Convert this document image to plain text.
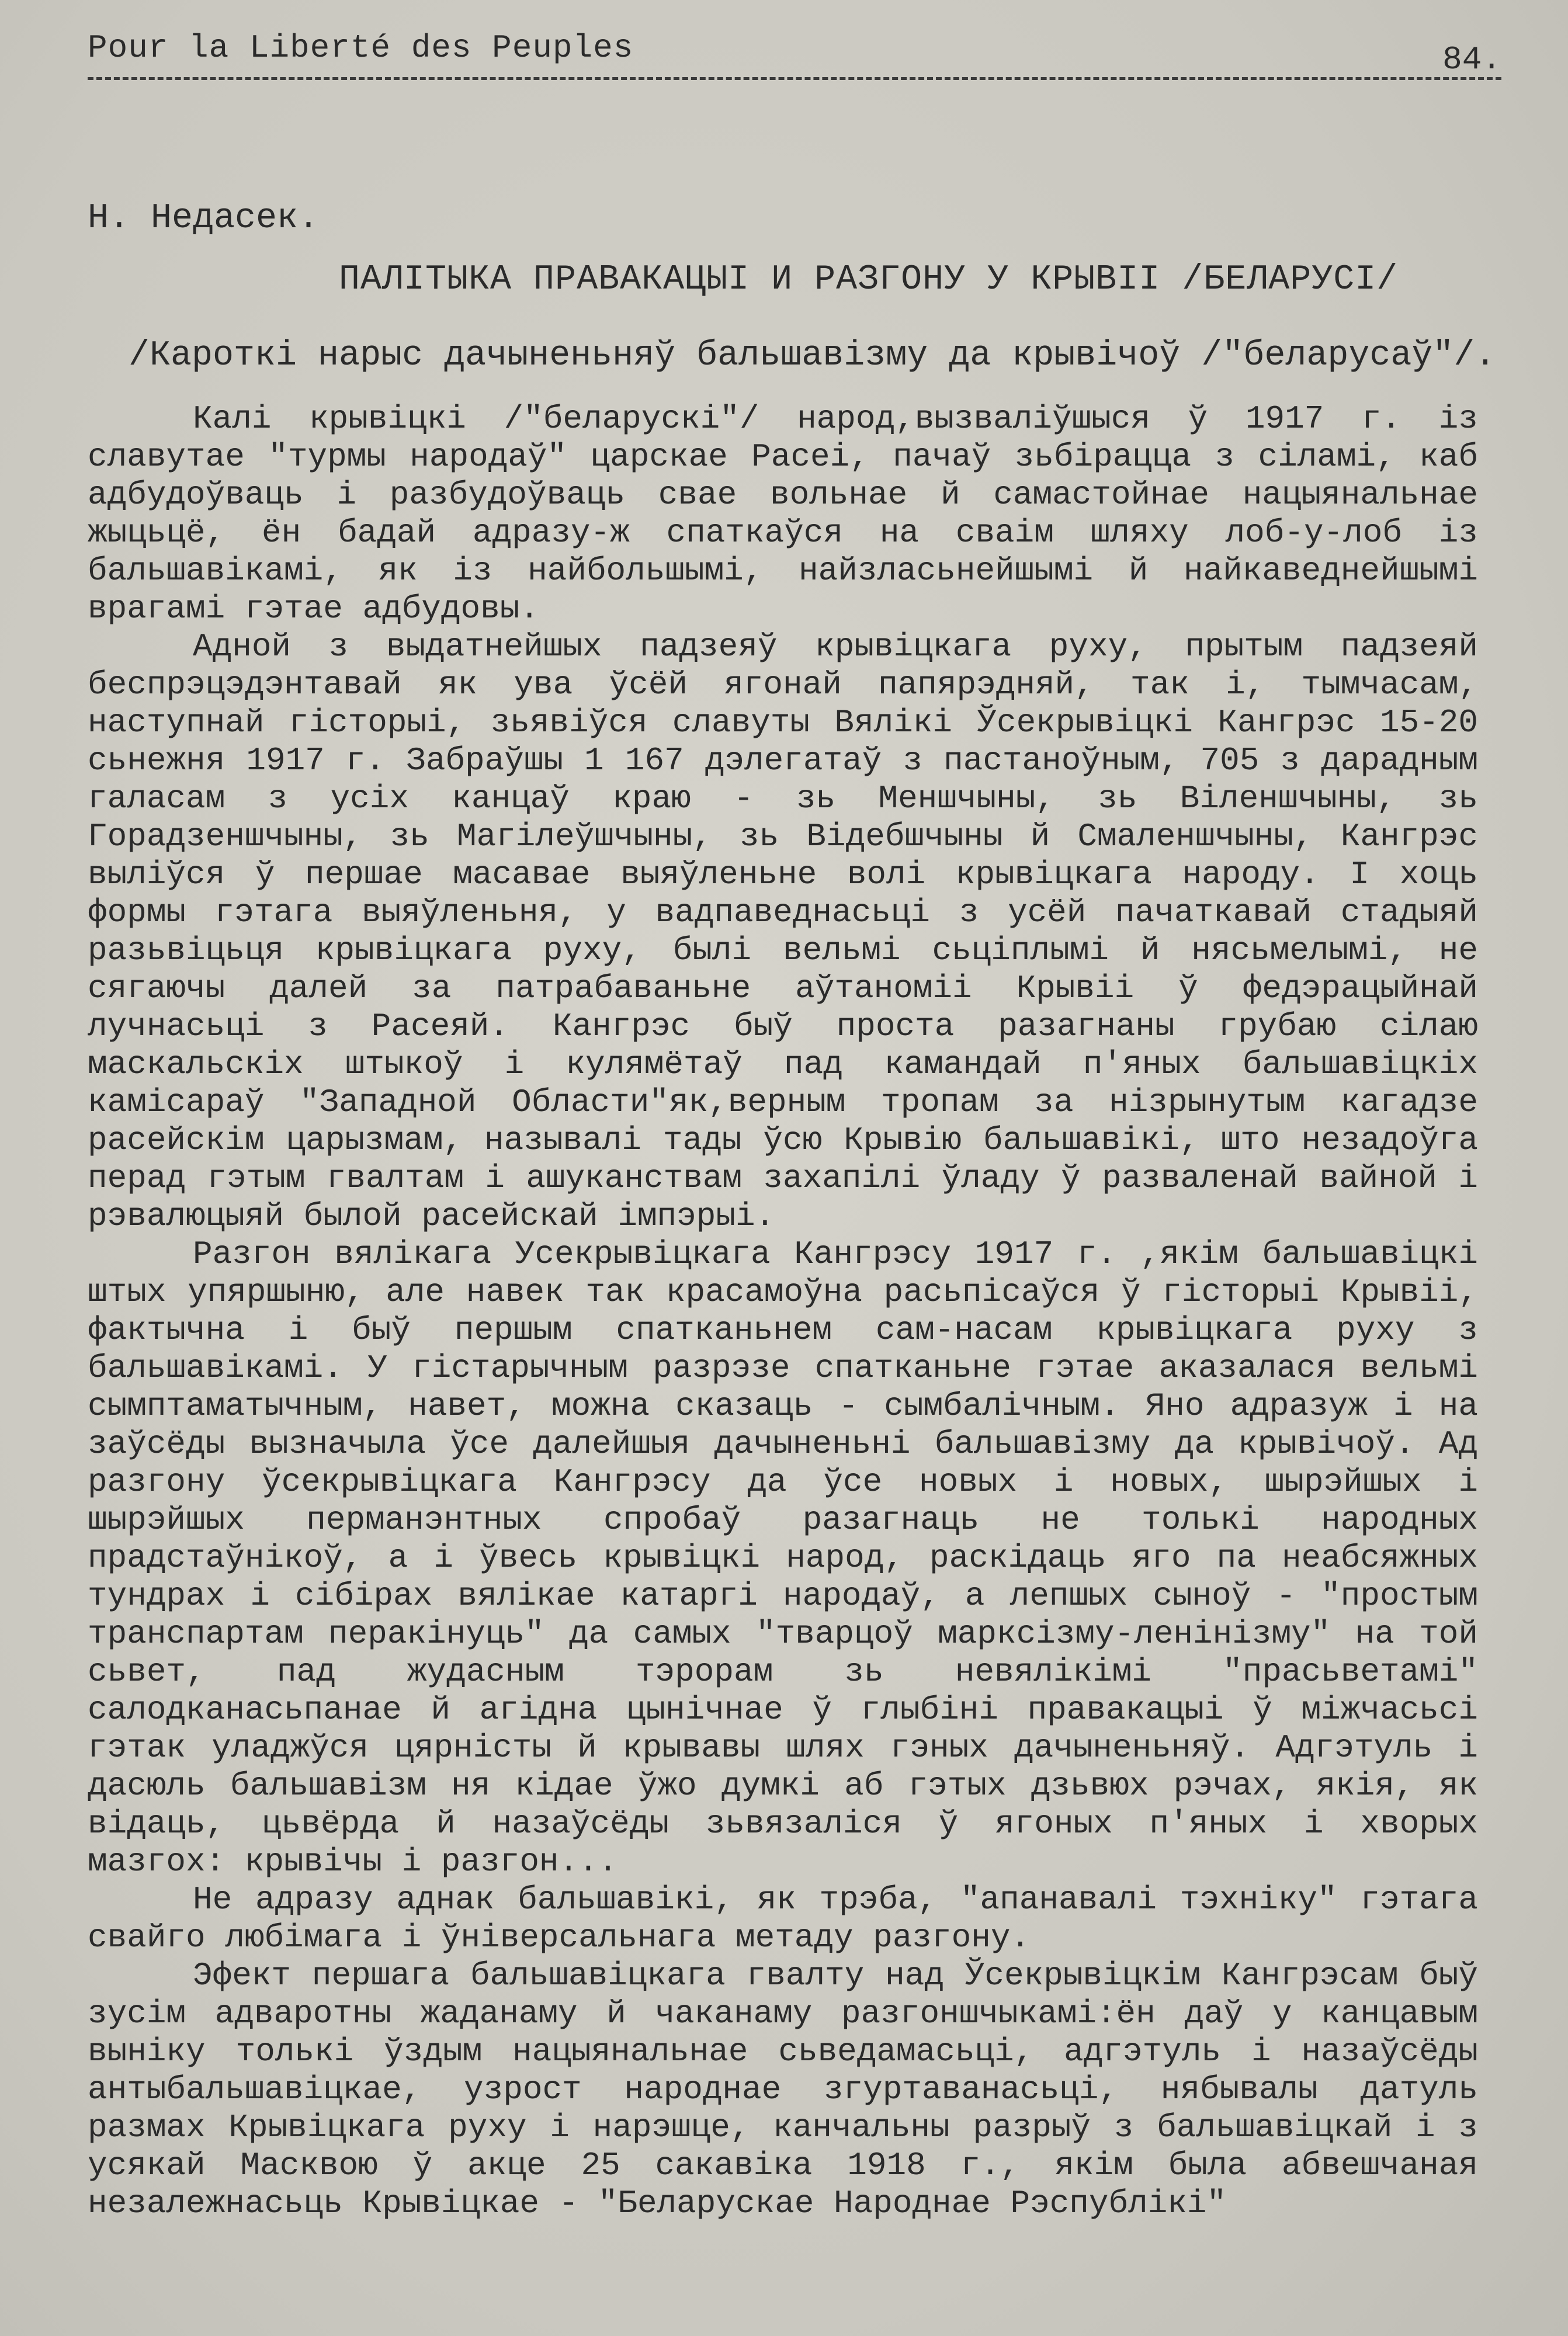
Pour la Liberté des Peuples	84.
Н. Недасек.
ПАЛІТЫКА ПРАВАКАЦЫІ И РАЗГОНУ У КРЫВІІ /БЕЛАРУСІ/
/Кароткі нарыс дачыненьняў бальшавізму да крывічоў /"беларусаў"/.

Калі крывіцкі /"беларускі"/ народ,вызваліўшыся ў 1917 г. із славутае "турмы народаў" царскае Расеі, пачаў зьбірацца з сіламі, каб адбудоўваць і разбудоўваць свае вольнае й самастойнае нацыянальнае жыцьцё, ён бадай адразу-ж спаткаўся на сваім шляху лоб-у-лоб із бальшавікамі, як із найбольшымі, найзласьнейшымі й найкаведнейшымі врагамі гэтае адбудовы.

Адной з выдатнейшых падзеяў крывіцкага руху, прытым падзеяй беспрэцэдэнтавай як ува ўсёй ягонай папярэдняй, так і, тымчасам, наступнай гісторыі, зьявіўся славуты Вялікі Ўсекрывіцкі Кангрэс 15-20 сьнежня 1917 г. Забраўшы 1 167 дэлегатаў з пастаноўным, 705 з дарадным галасам з усіх канцаў краю - зь Меншчыны, зь Віленшчыны, зь Горадзеншчыны, зь Магілеўшчыны, зь Відебшчыны й Смаленшчыны, Кангрэс выліўся ў першае масавае выяўленьне волі крывіцкага народу. І хоць формы гэтага выяўленьня, у вадпаведнасьці з усёй пачаткавай стадыяй разьвіцьця крывіцкага руху, былі вельмі сьціплымі й нясьмелымі, не сягаючы далей за патрабаваньне аўтаноміі Крывіі ў федэрацыйнай лучнасьці з Расеяй. Кангрэс быў проста разагнаны грубаю сілаю маскальскіх штыкоў і кулямётаў пад камандай п'яных бальшавіцкіх камісараў "Западной Области"як,верным тропам за нізрынутым кагадзе расейскім царызмам, называлі тады ўсю Крывію бальшавікі, што незадоўга перад гэтым гвалтам і ашуканствам захапілі ўладу ў разваленай вайной і рэвалюцыяй былой расейскай імпэрыі.

Разгон вялікага Усекрывіцкага Кангрэсу 1917 г. ,якім бальшавіцкі штых упяршыню, але навек так красамоўна расьпісаўся ў гісторыі Крывіі, фактычна і быў першым спатканьнем сам-насам крывіцкага руху з бальшавікамі. У гістарычным разрэзе спатканьне гэтае аказалася вельмі сымптаматычным, навет, можна сказаць - сымбалічным. Яно адразуж і на заўсёды вызначыла ўсе далейшыя дачыненьні бальшавізму да крывічоў. Ад разгону ўсекрывіцкага Кангрэсу да ўсе новых і новых, шырэйшых і шырэйшых перманэнтных спробаў разагнаць не толькі народных прадстаўнікоў, а і ўвесь крывіцкі народ, раскідаць яго па неабсяжных тундрах і сібірах вялікае катаргі народаў, а лепшых сыноў - "простым транспартам перакінуць" да самых "тварцоў марксізму-ленінізму" на той сьвет, пад жудасным тэрорам зь невялікімі "прасьветамі" салодканасьпанае й агідна цынічнае ў глыбіні правакацыі ў міжчасьсі гэтак уладжўся цярністы й крывавы шлях гэных дачыненьняў. Адгэтуль і дасюль бальшавізм ня кідае ўжо думкі аб гэтых дзьвюх рэчах, якія, як відаць, цьвёрда й назаўсёды зьвязаліся ў ягоных п'яных і хворых мазгох: крывічы і разгон...

Не адразу аднак бальшавікі, як трэба, "апанавалі тэхніку" гэтага свайго любімага і ўніверсальнага метаду разгону.

Эфект першага бальшавіцкага гвалту над Ўсекрывіцкім Кангрэсам быў зусім адваротны жаданаму й чаканаму разгоншчыкамі:ён даў у канцавым выніку толькі ўздым нацыянальнае сьведамасьці, адгэтуль і назаўсёды антыбальшавіцкае, узрост народнае згуртаванасьці, нябывалы датуль размах Крывіцкага руху і нарэшце, канчальны разрыў з бальшавіцкай і з усякай Масквою ў акце 25 сакавіка 1918 г., якім была абвешчаная незалежнасьць Крывіцкае - "Беларускае Народнае Рэспублікі"
